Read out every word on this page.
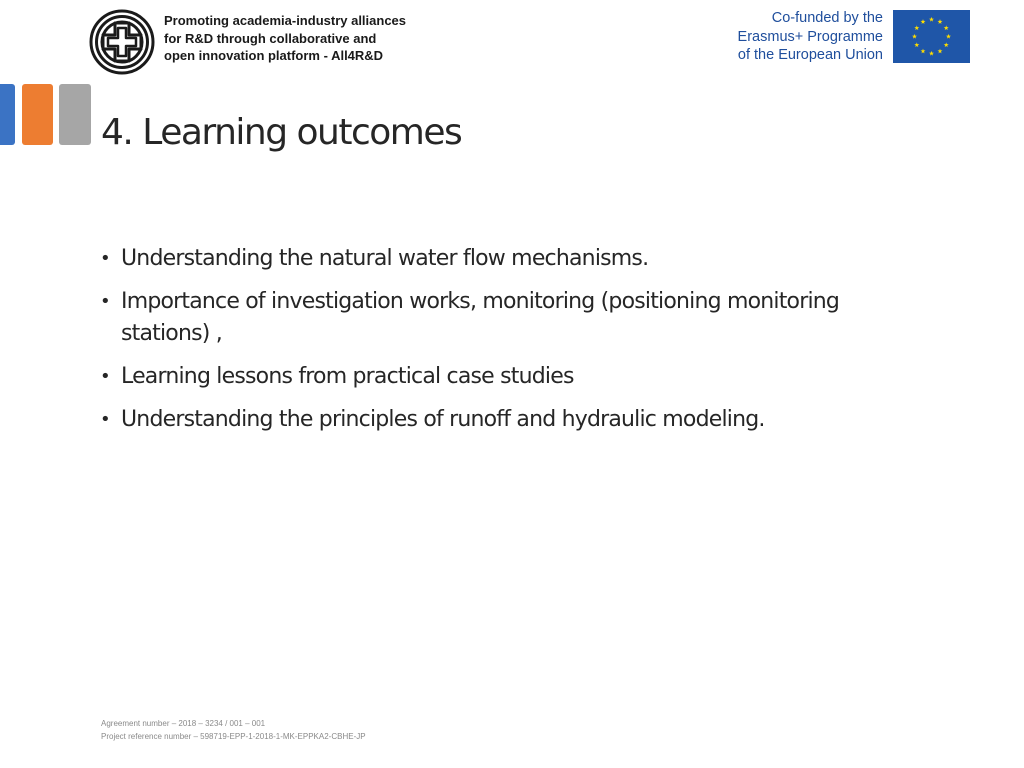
Promoting academia-industry alliances
for R&D through collaborative and
open innovation platform - All4R&D
Co-funded by the
Erasmus+ Programme
of the European Union
4. Learning outcomes
• Understanding the natural water flow mechanisms.
• Importance of investigation works, monitoring (positioning monitoring stations) ,
• Learning lessons from practical case studies
• Understanding the principles of runoff and hydraulic modeling.
Agreement number – 2018 – 3234 / 001 – 001
Project reference number – 598719-EPP-1-2018-1-MK-EPPKA2-CBHE-JP
